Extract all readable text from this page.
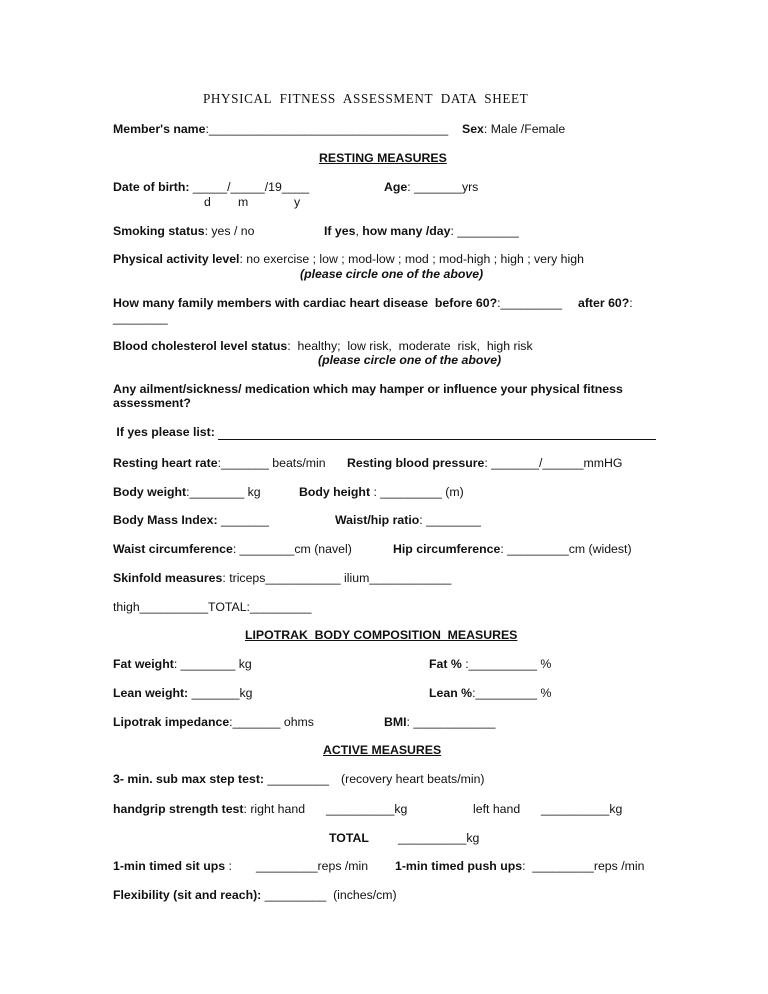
PHYSICAL  FITNESS  ASSESSMENT  DATA  SHEET
Member's name:___________________________________ Sex: Male /Female
RESTING MEASURES
Date of birth: _____/_____/19____
d m	y
Age: _______yrs
Smoking status: yes / no	If yes, how many /day: _________
Physical activity level: no exercise ; low ; mod-low ; mod ; mod-high ; high ; very high
(please circle one of the above)
How many family members with cardiac heart disease  before 60?:_________ after 60?:
________
Blood cholesterol level status:  healthy;  low risk,  moderate  risk,  high risk
(please circle one of the above)
Any ailment/sickness/ medication which may hamper or influence your physical fitness
assessment?
If yes please list:
Resting heart rate:_______ beats/min Resting blood pressure: _______/______mmHG
Body weight:________ kg	Body height : _________ (m)
Body Mass Index: _______	Waist/hip ratio: ________
Waist circumference: ________cm (navel)	Hip circumference: _________cm (widest)
Skinfold measures: triceps___________ ilium____________
thigh__________TOTAL:_________
LIPOTRAK  BODY COMPOSITION  MEASURES
Fat weight: ________ kg	Fat % :__________ %
Lean weight: _______kg	Lean %:_________ %
Lipotrak impedance:_______ ohms	BMI: ____________
ACTIVE MEASURES
3- min. sub max step test: _________ (recovery heart beats/min)
handgrip strength test: right hand __________kg	left hand __________kg
TOTAL __________kg
1-min timed sit ups : _________reps /min 1-min timed push ups:  _________reps /min
Flexibility (sit and reach): _________  (inches/cm)
